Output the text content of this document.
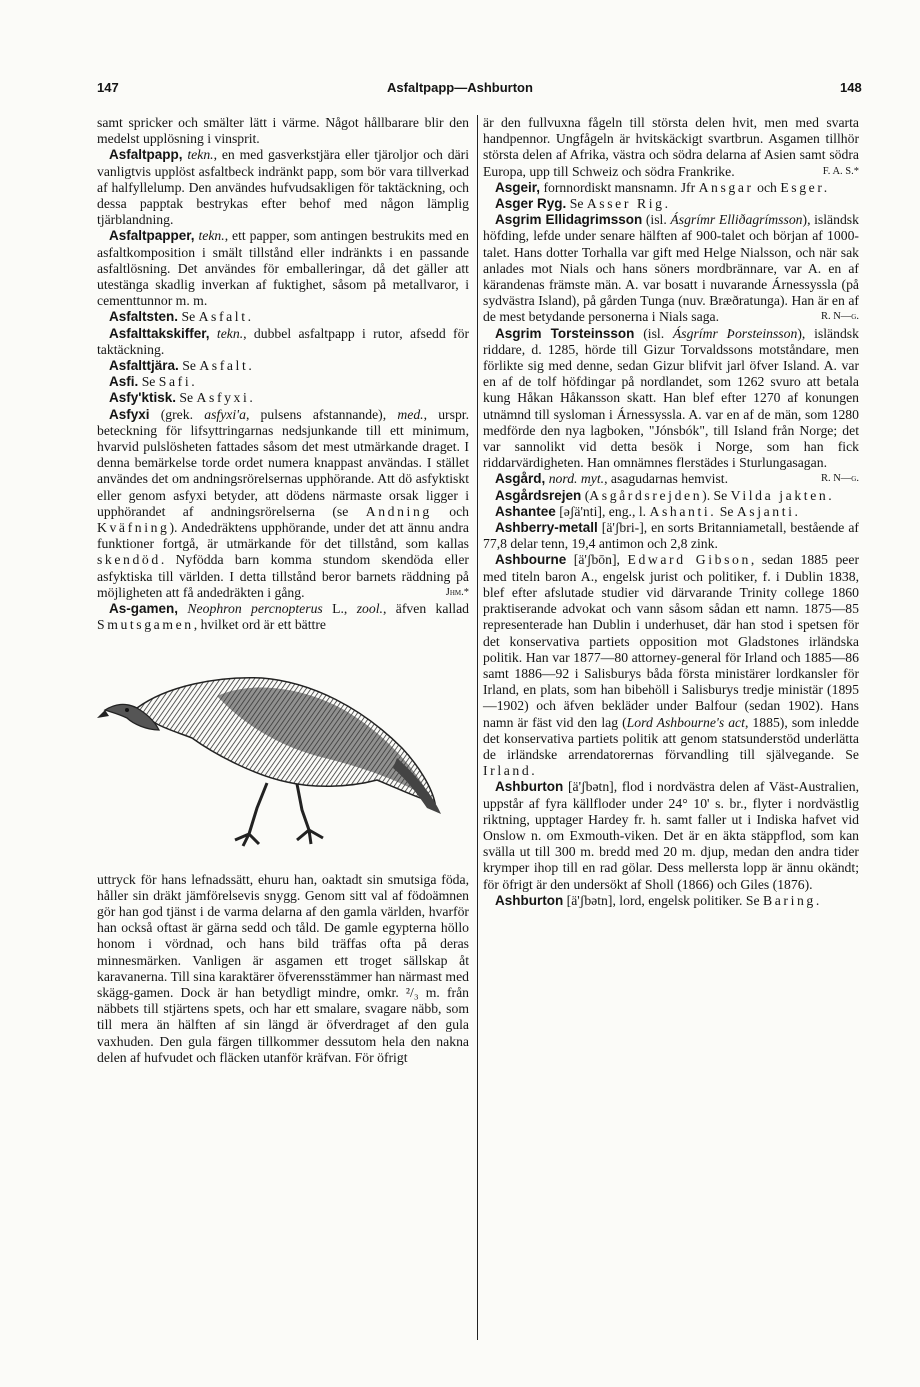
147	Asfaltpapp—Ashburton	148

samt spricker och smälter lätt i värme. Något hållbarare blir den medelst upplösning i vinsprit.

Asfaltpapp, tekn., en med gasverkstjära eller tjäroljor och däri vanligtvis upplöst asfaltbeck indränkt papp, som bör vara tillverkad af halfyllelump. Den användes hufvudsakligen för taktäckning, och dessa papptak bestrykas efter behof med någon lämplig tjärblandning.

Asfaltpapper, tekn., ett papper, som antingen bestrukits med en asfaltkomposition i smält tillstånd eller indränkts i en passande asfaltlösning. Det användes för emballeringar, då det gäller att utestänga skadlig inverkan af fuktighet, såsom på metallvaror, i cementtunnor m. m.

Asfaltsten. Se Asfalt.

Asfalttakskiffer, tekn., dubbel asfaltpapp i rutor, afsedd för taktäckning.

Asfalttjära. Se Asfalt.

Asfi. Se Safi.

Asfy'ktisk. Se Asfyxi.

Asfyxi (grek. asfyxi'a, pulsens afstannande), med., urspr. beteckning för lifsyttringarnas nedsjunkande till ett minimum, hvarvid pulslösheten fattades såsom det mest utmärkande draget. I denna bemärkelse torde ordet numera knappast användas. I stället användes det om andningsrörelsernas upphörande. Att dö asfyktiskt eller genom asfyxi betyder, att dödens närmaste orsak ligger i upphörandet af andningsrörelserna (se Andning och Kväfning). Andedräktens upphörande, under det att ännu andra funktioner fortgå, är utmärkande för det tillstånd, som kallas skendöd. Nyfödda barn komma stundom skendöda eller asfyktiska till världen. I detta tillstånd beror barnets räddning på möjligheten att få andedräkten i gång.	Jhm.*

As-gamen, Neophron percnopterus L., zool., äfven kallad Smutsgamen, hvilket ord är ett bättre

uttryck för hans lefnadssätt, ehuru han, oaktadt sin smutsiga föda, håller sin dräkt jämförelsevis snygg. Genom sitt val af födoämnen gör han god tjänst i de varma delarna af den gamla världen, hvarför han också oftast är gärna sedd och tåld. De gamle egypterna höllo honom i vördnad, och hans bild träffas ofta på deras minnesmärken. Vanligen är asgamen ett troget sällskap åt karavanerna. Till sina karaktärer öfverensstämmer han närmast med skägg-gamen. Dock är han betydligt mindre, omkr. ²/₃ m. från näbbets till stjärtens spets, och har ett smalare, svagare näbb, som till mera än hälften af sin längd är öfverdraget af den gula vaxhuden. Den gula färgen tillkommer dessutom hela den nakna delen af hufvudet och fläcken utanför kräfvan. För öfrigt

är den fullvuxna fågeln till största delen hvit, men med svarta handpennor. Ungfågeln är hvitskäckigt svartbrun. Asgamen tillhör största delen af Afrika, västra och södra delarna af Asien samt södra Europa, upp till Schweiz och södra Frankrike.	F. A. S.*

Asgeir, fornnordiskt mansnamn. Jfr Ansgar och Esger.

Asger Ryg. Se Asser Rig.

Asgrim Ellidagrimsson (isl. Ásgrímr Elliðagrímsson), isländsk höfding, lefde under senare hälften af 900-talet och början af 1000-talet. Hans dotter Torhalla var gift med Helge Nialsson, och när sak anlades mot Nials och hans söners mordbrännare, var A. en af kärandenas främste män. A. var bosatt i nuvarande Árnessyssla (på sydvästra Island), på gården Tunga (nuv. Bræðratunga). Han är en af de mest betydande personerna i Nials saga.	R. N—g.

Asgrim Torsteinsson (isl. Ásgrímr Þorsteinsson), isländsk riddare, d. 1285, hörde till Gizur Torvaldssons motståndare, men förlikte sig med denne, sedan Gizur blifvit jarl öfver Island. A. var en af de tolf höfdingar på nordlandet, som 1262 svuro att betala kung Håkan Håkansson skatt. Han blef efter 1270 af konungen utnämnd till sysloman i Árnessyssla. A. var en af de män, som 1280 medförde den nya lagboken, "Jónsbók", till Island från Norge; det var sannolikt vid detta besök i Norge, som han fick riddarvärdigheten. Han omnämnes flerstädes i Sturlungasagan.
R. N—g.

Asgård, nord. myt., asagudarnas hemvist.

Asgårdsrejen (Asgårdsrejden). Se Vilda jakten.

Ashantee [əʃä'nti], eng., l. Ashanti. Se Asjanti.

Ashberry-metall [ä'ʃbri-], en sorts Britanniametall, bestående af 77,8 delar tenn, 19,4 antimon och 2,8 zink.

Ashbourne [ä'ʃbōn], Edward Gibson, sedan 1885 peer med titeln baron A., engelsk jurist och politiker, f. i Dublin 1838, blef efter afslutade studier vid därvarande Trinity college 1860 praktiserande advokat och vann såsom sådan ett namn. 1875—85 representerade han Dublin i underhuset, där han stod i spetsen för det konservativa partiets opposition mot Gladstones irländska politik. Han var 1877—80 attorney-general för Irland och 1885—86 samt 1886—92 i Salisburys båda första ministärer lordkansler för Irland, en plats, som han bibehöll i Salisburys tredje ministär (1895—1902) och äfven bekläder under Balfour (sedan 1902). Hans namn är fäst vid den lag (Lord Ashbourne's act, 1885), som inledde det konservativa partiets politik att genom statsunderstöd underlätta de irländske arrendatorernas förvandling till självegande. Se Irland.

Ashburton [ä'ʃbətn], flod i nordvästra delen af Väst-Australien, uppstår af fyra källfloder under 24° 10' s. br., flyter i nordvästlig riktning, upptager Hardey fr. h. samt faller ut i Indiska hafvet vid Onslow n. om Exmouth-viken. Det är en äkta stäppflod, som kan svälla ut till 300 m. bredd med 20 m. djup, medan den andra tider krymper ihop till en rad gölar. Dess mellersta lopp är ännu okändt; för öfrigt är den undersökt af Sholl (1866) och Giles (1876).

Ashburton [ä'ʃbətn], lord, engelsk politiker. Se Baring.
